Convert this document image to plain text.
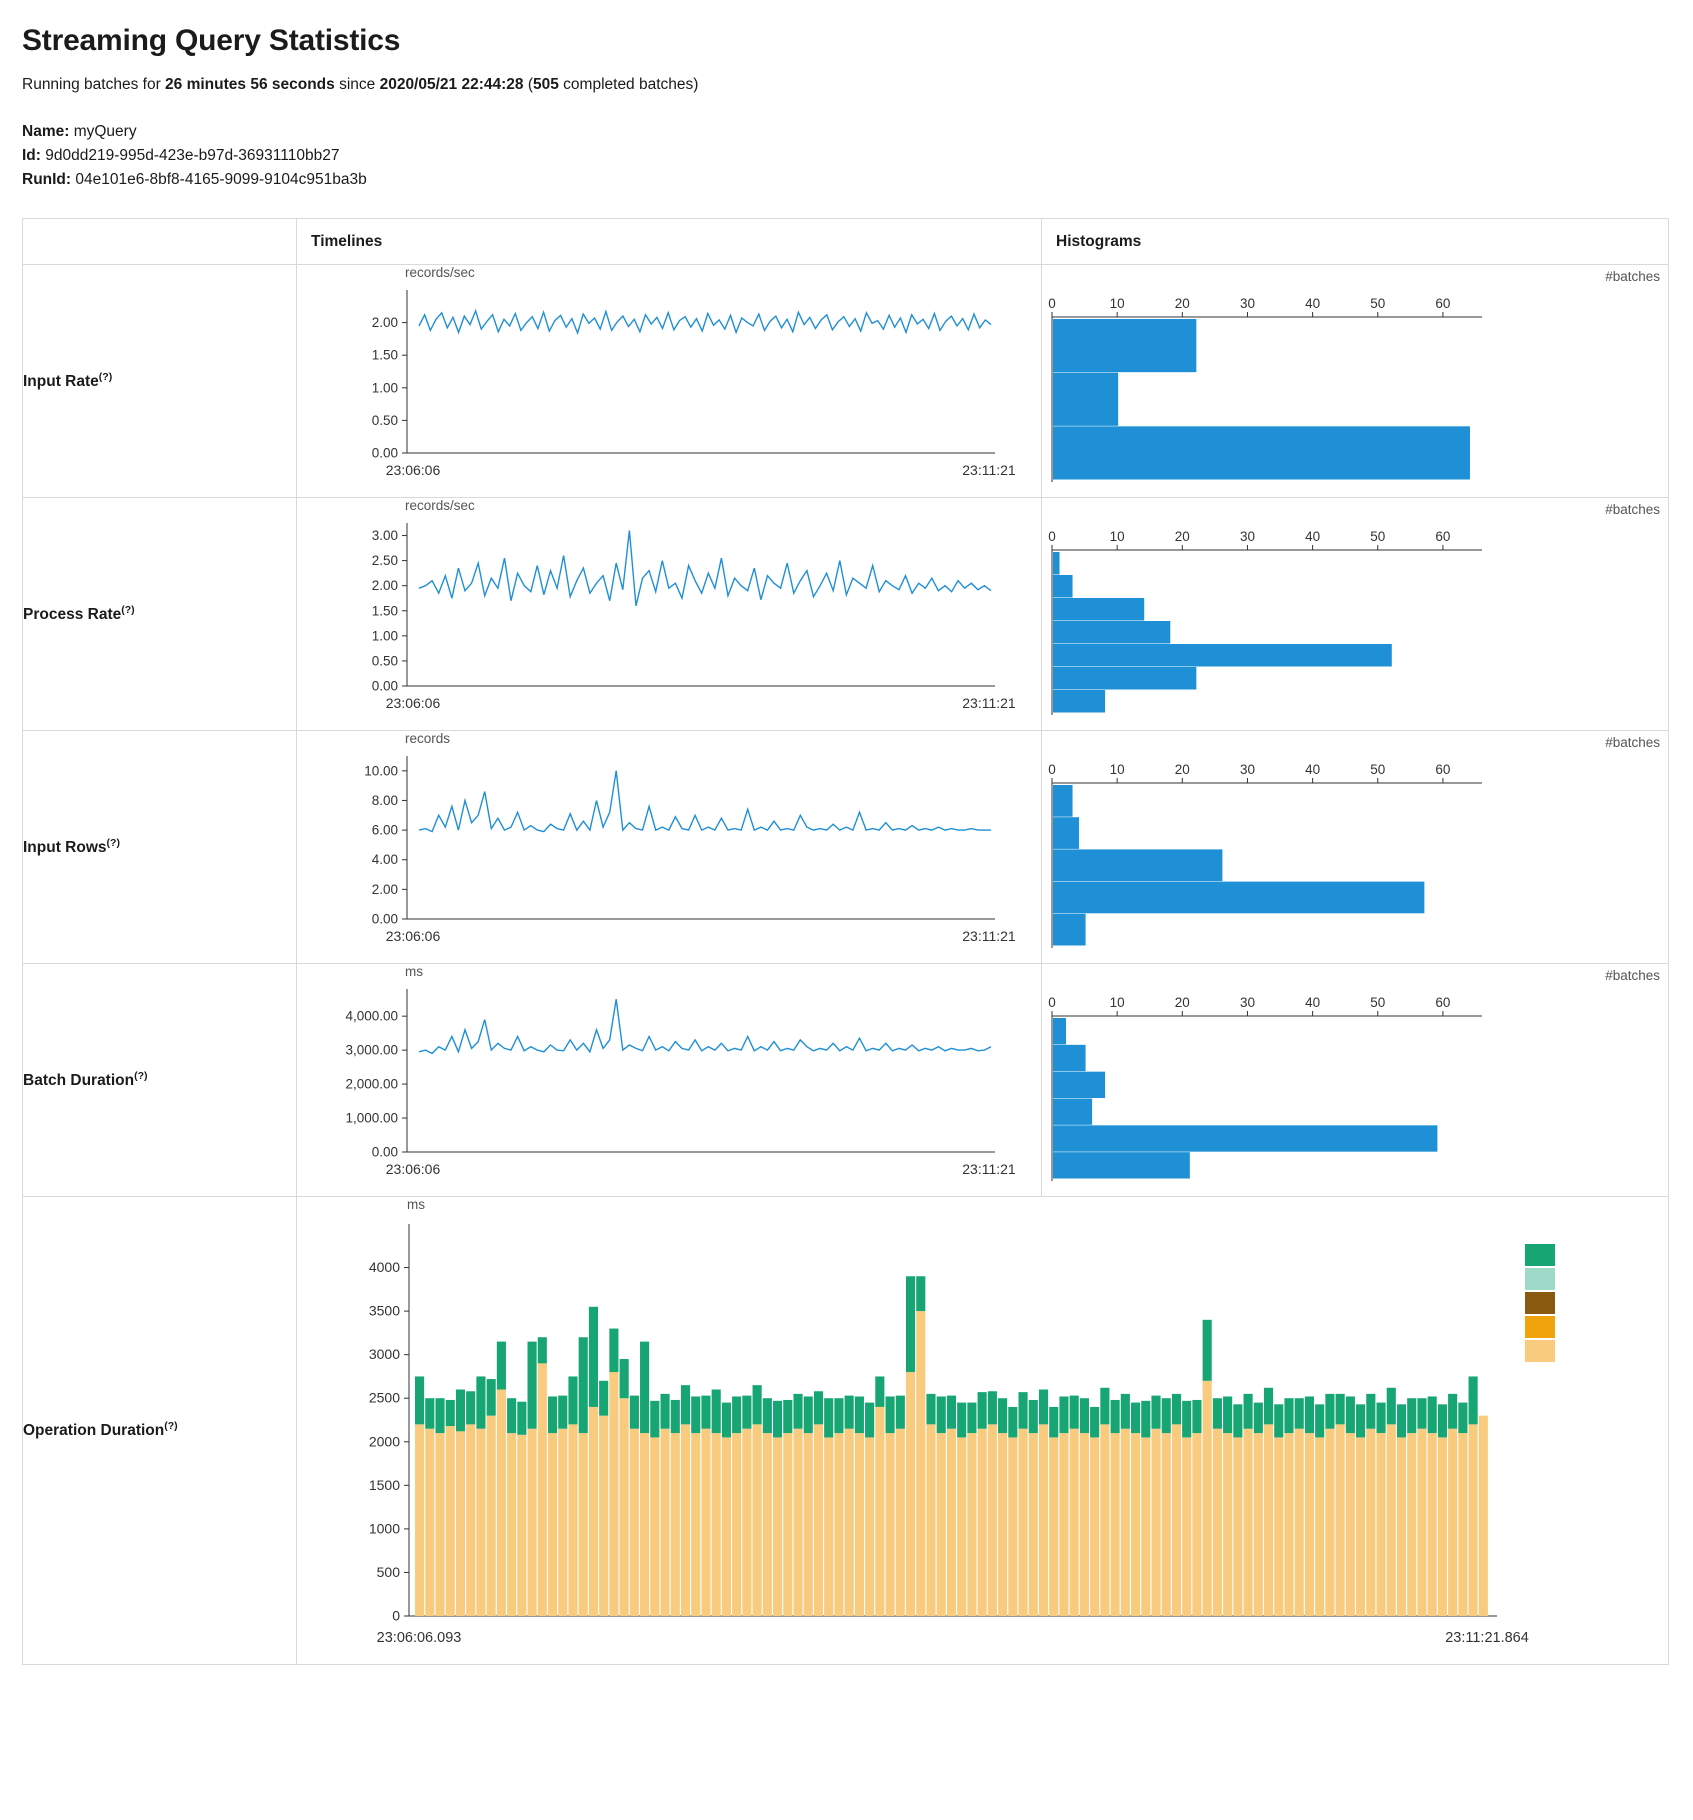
Streaming Query Statistics

Running batches for 26 minutes 56 seconds since 2020/05/21 22:44:28 (505 completed batches)

Name: myQuery
Id: 9d0dd219-995d-423e-b97d-36931110bb27
RunId: 04e101e6-8bf8-4165-9099-9104c951ba3b
	Timelines	Histograms
Input Rate(?)	
records/sec
0.00
0.50
1.00
1.50
2.00
23:06:06	23:11:21

0	10	20	30	40	50	60
#batches

Process Rate(?)	
records/sec
0.00
0.50
1.00
1.50
2.00
2.50
3.00
23:06:06	23:11:21

0	10	20	30	40	50	60
#batches

Input Rows(?)	
records
0.00
2.00
4.00
6.00
8.00
10.00
23:06:06	23:11:21

0	10	20	30	40	50	60
#batches

Batch Duration(?)	
ms
0.00
1,000.00
2,000.00
3,000.00
4,000.00
23:06:06	23:11:21

0	10	20	30	40	50	60
#batches

Operation Duration(?)	
ms
0
500
1000
1500
2000
2500
3000
3500
4000
23:06:06.093	23:11:21.864
